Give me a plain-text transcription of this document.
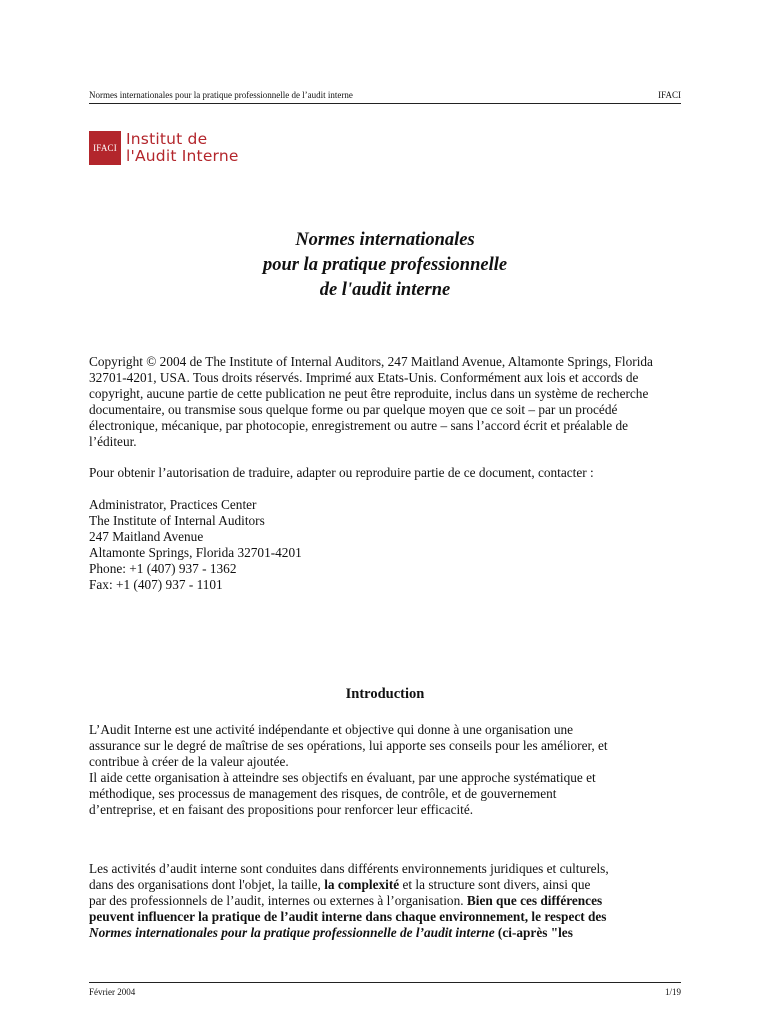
Normes internationales pour la pratique professionnelle de l’audit interne	IFACI
IFACI Institut de
l'Audit Interne
Normes internationales
pour la pratique professionnelle
de l'audit interne
Copyright © 2004 de The Institute of Internal Auditors, 247 Maitland Avenue, Altamonte Springs, Florida
32701-4201, USA. Tous droits réservés. Imprimé aux Etats-Unis. Conformément aux lois et accords de
copyright, aucune partie de cette publication ne peut être reproduite, inclus dans un système de recherche
documentaire, ou transmise sous quelque forme ou par quelque moyen que ce soit – par un procédé
électronique, mécanique, par photocopie, enregistrement ou autre – sans l’accord écrit et préalable de
l’éditeur.
Pour obtenir l’autorisation de traduire, adapter ou reproduire partie de ce document, contacter :
Administrator, Practices Center
The Institute of Internal Auditors
247 Maitland Avenue
Altamonte Springs, Florida 32701-4201
Phone: +1 (407) 937 - 1362
Fax: +1 (407) 937 - 1101
Introduction
L’Audit Interne est une activité indépendante et objective qui donne à une organisation une
assurance sur le degré de maîtrise de ses opérations, lui apporte ses conseils pour les améliorer, et
contribue à créer de la valeur ajoutée.
Il aide cette organisation à atteindre ses objectifs en évaluant, par une approche systématique et
méthodique, ses processus de management des risques, de contrôle, et de gouvernement
d’entreprise, et en faisant des propositions pour renforcer leur efficacité.
Les activités d’audit interne sont conduites dans différents environnements juridiques et culturels,
dans des organisations dont l'objet, la taille, la complexité et la structure sont divers, ainsi que
par des professionnels de l’audit, internes ou externes à l’organisation. Bien que ces différences
peuvent influencer la pratique de l’audit interne dans chaque environnement, le respect des
Normes internationales pour la pratique professionnelle de l’audit interne (ci-après "les
Février 2004	1/19
